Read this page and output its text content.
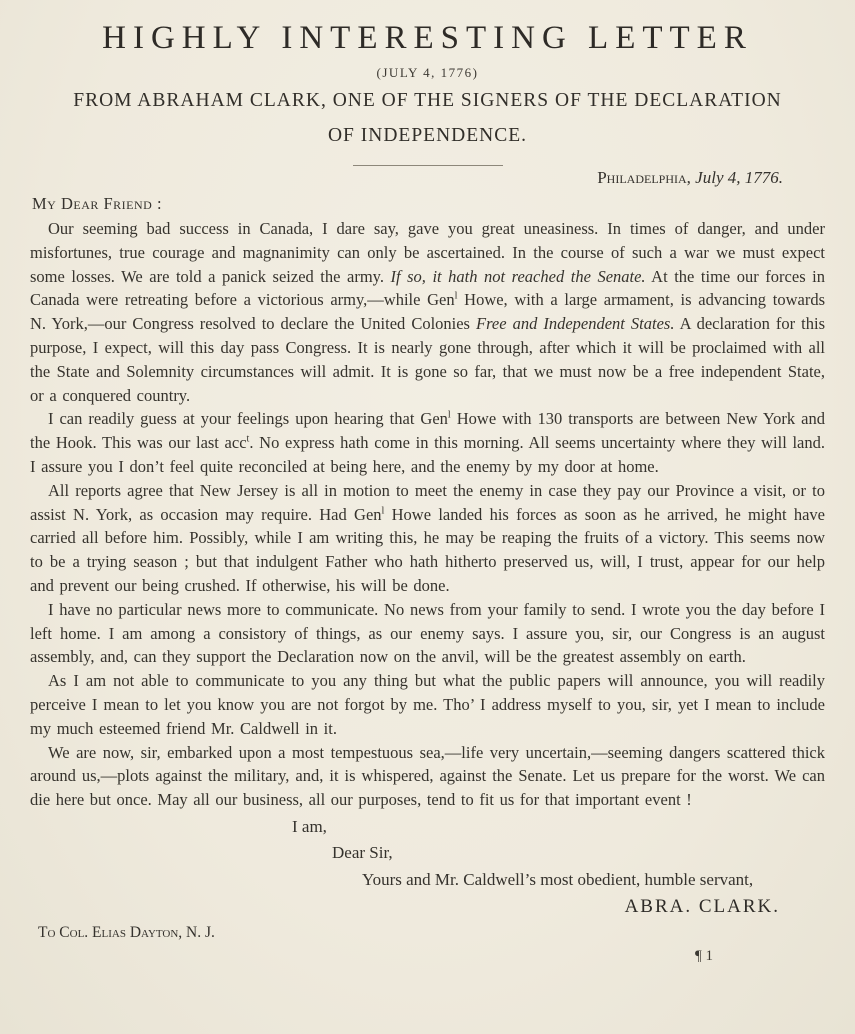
HIGHLY INTERESTING LETTER
(JULY 4, 1776)
FROM ABRAHAM CLARK, ONE OF THE SIGNERS OF THE DECLARATION
OF INDEPENDENCE.
Philadelphia, July 4, 1776.
My Dear Friend :

Our seeming bad success in Canada, I dare say, gave you great uneasiness. In times of danger, and under misfortunes, true courage and magnanimity can only be ascertained. In the course of such a war we must expect some losses. We are told a panick seized the army. If so, it hath not reached the Senate. At the time our forces in Canada were retreating before a victorious army,—while Gen$^l$ Howe, with a large armament, is advancing towards N. York,—our Congress resolved to declare the United Colonies Free and Independent States. A declaration for this purpose, I expect, will this day pass Congress. It is nearly gone through, after which it will be proclaimed with all the State and Solemnity circumstances will admit. It is gone so far, that we must now be a free independent State, or a conquered country.

I can readily guess at your feelings upon hearing that Gen$^l$ Howe with 130 transports are between New York and the Hook. This was our last acc$^t$. No express hath come in this morning. All seems uncertainty where they will land. I assure you I don’t feel quite reconciled at being here, and the enemy by my door at home.

All reports agree that New Jersey is all in motion to meet the enemy in case they pay our Province a visit, or to assist N. York, as occasion may require. Had Gen$^l$ Howe landed his forces as soon as he arrived, he might have carried all before him. Possibly, while I am writing this, he may be reaping the fruits of a victory. This seems now to be a trying season ; but that indulgent Father who hath hitherto preserved us, will, I trust, appear for our help and prevent our being crushed. If otherwise, his will be done.

I have no particular news more to communicate. No news from your family to send. I wrote you the day before I left home. I am among a consistory of things, as our enemy says. I assure you, sir, our Congress is an august assembly, and, can they support the Declaration now on the anvil, will be the greatest assembly on earth.

As I am not able to communicate to you any thing but what the public papers will announce, you will readily perceive I mean to let you know you are not forgot by me. Tho’ I address myself to you, sir, yet I mean to include my much esteemed friend Mr. Caldwell in it.

We are now, sir, embarked upon a most tempestuous sea,—life very uncertain,—seeming dangers scattered thick around us,—plots against the military, and, it is whispered, against the Senate. Let us prepare for the worst. We can die here but once. May all our business, all our purposes, tend to fit us for that important event !

I am,
Dear Sir,
Yours and Mr. Caldwell’s most obedient, humble servant,
ABRA. CLARK.
To Col. Elias Dayton, N. J.
¶ 1
